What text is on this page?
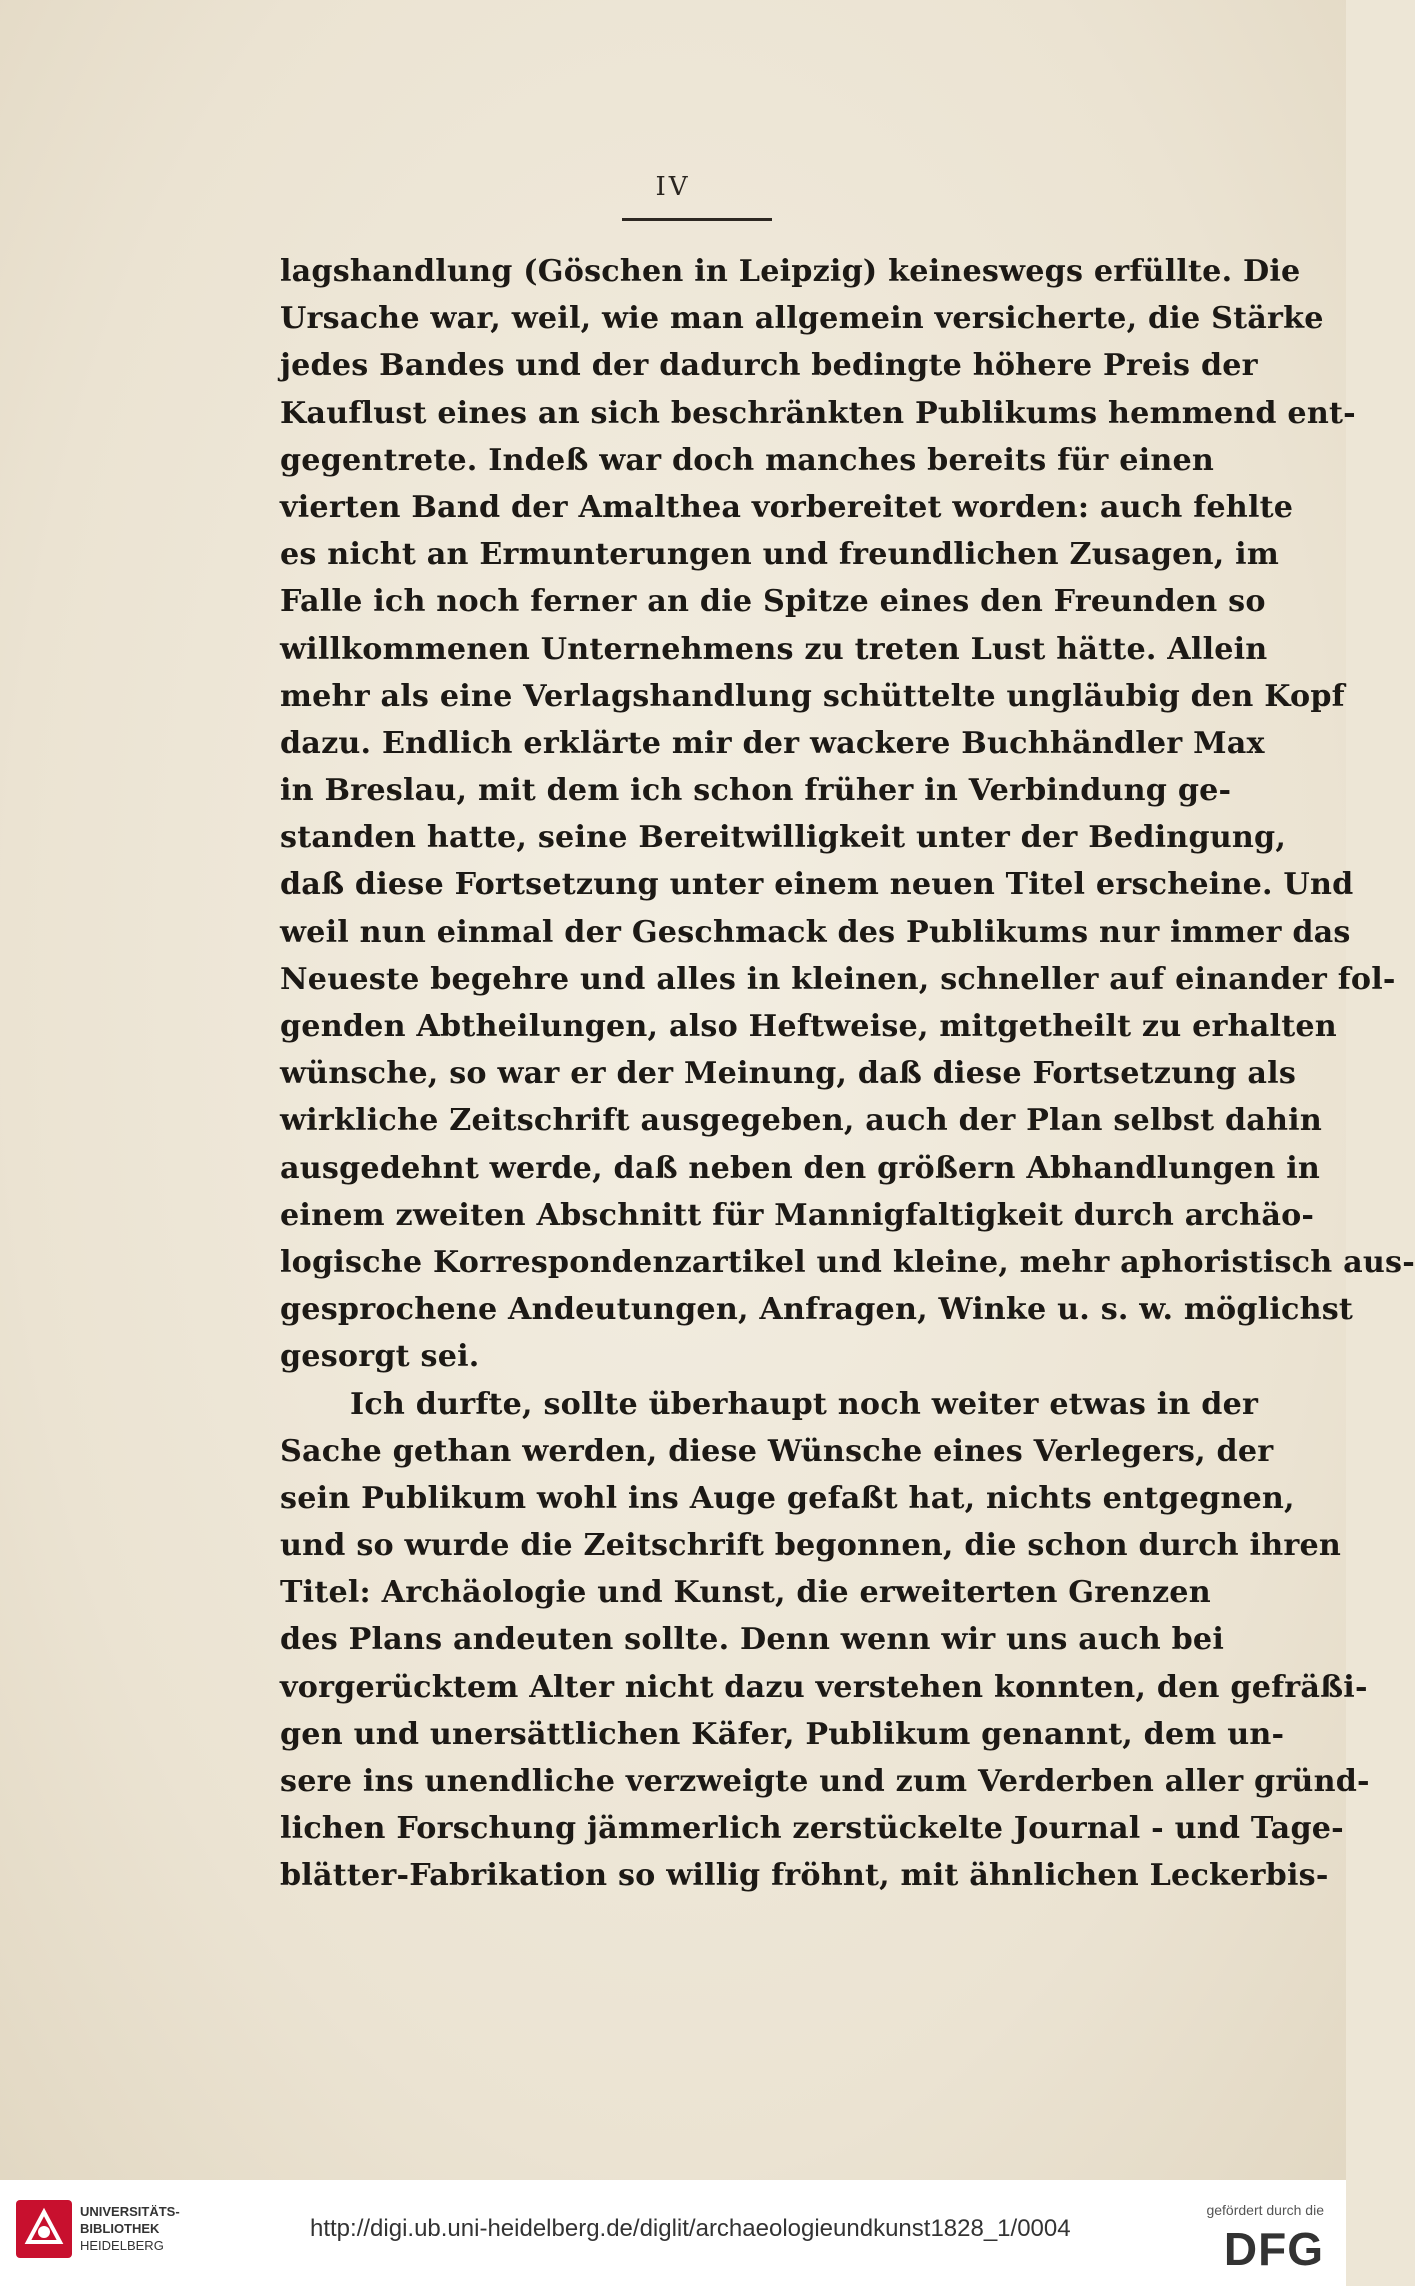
IV
lagshandlung (Göschen in Leipzig) keineswegs erfüllte. Die
Ursache war, weil, wie man allgemein versicherte, die Stärke
jedes Bandes und der dadurch bedingte höhere Preis der
Kauflust eines an sich beschränkten Publikums hemmend ent-
gegentrete. Indeß war doch manches bereits für einen
vierten Band der Amalthea vorbereitet worden: auch fehlte
es nicht an Ermunterungen und freundlichen Zusagen, im
Falle ich noch ferner an die Spitze eines den Freunden so
willkommenen Unternehmens zu treten Lust hätte. Allein
mehr als eine Verlagshandlung schüttelte ungläubig den Kopf
dazu. Endlich erklärte mir der wackere Buchhändler Max
in Breslau, mit dem ich schon früher in Verbindung ge-
standen hatte, seine Bereitwilligkeit unter der Bedingung,
daß diese Fortsetzung unter einem neuen Titel erscheine. Und
weil nun einmal der Geschmack des Publikums nur immer das
Neueste begehre und alles in kleinen, schneller auf einander fol-
genden Abtheilungen, also Heftweise, mitgetheilt zu erhalten
wünsche, so war er der Meinung, daß diese Fortsetzung als
wirkliche Zeitschrift ausgegeben, auch der Plan selbst dahin
ausgedehnt werde, daß neben den größern Abhandlungen in
einem zweiten Abschnitt für Mannigfaltigkeit durch archäo-
logische Korrespondenzartikel und kleine, mehr aphoristisch aus-
gesprochene Andeutungen, Anfragen, Winke u. s. w. möglichst
gesorgt sei.
Ich durfte, sollte überhaupt noch weiter etwas in der
Sache gethan werden, diese Wünsche eines Verlegers, der
sein Publikum wohl ins Auge gefaßt hat, nichts entgegnen,
und so wurde die Zeitschrift begonnen, die schon durch ihren
Titel: Archäologie und Kunst, die erweiterten Grenzen
des Plans andeuten sollte. Denn wenn wir uns auch bei
vorgerücktem Alter nicht dazu verstehen konnten, den gefräßi-
gen und unersättlichen Käfer, Publikum genannt, dem un-
sere ins unendliche verzweigte und zum Verderben aller gründ-
lichen Forschung jämmerlich zerstückelte Journal - und Tage-
blätter-Fabrikation so willig fröhnt, mit ähnlichen Leckerbis-
UNIVERSITÄTS-
BIBLIOTHEK
HEIDELBERG
http://digi.ub.uni-heidelberg.de/diglit/archaeologieundkunst1828_1/0004
gefördert durch die
DFG
